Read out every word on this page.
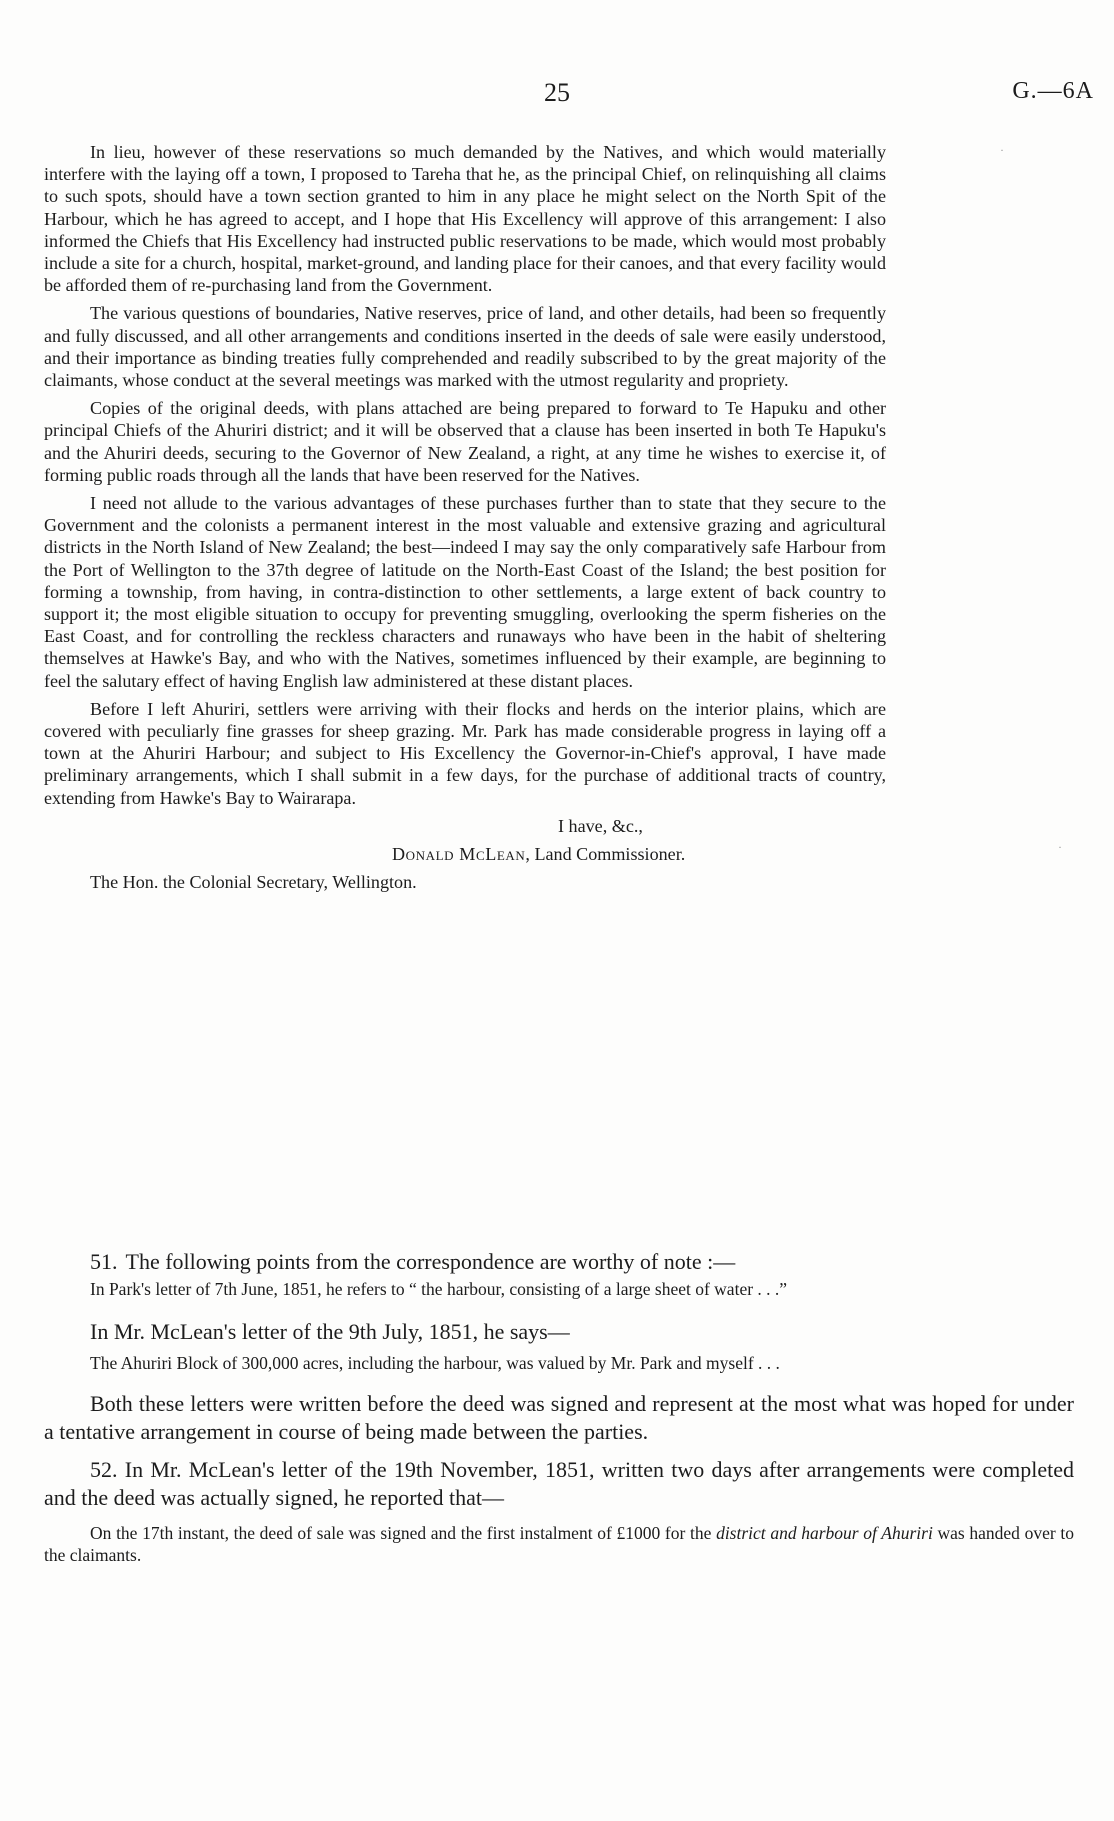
25	G.—6A
·
·

In lieu, however of these reservations so much demanded by the Natives, and which would materially interfere with the laying off a town, I proposed to Tareha that he, as the principal Chief, on relinquishing all claims to such spots, should have a town section granted to him in any place he might select on the North Spit of the Harbour, which he has agreed to accept, and I hope that His Excellency will approve of this arrangement: I also informed the Chiefs that His Excellency had instructed public reservations to be made, which would most probably include a site for a church, hospital, market-ground, and landing place for their canoes, and that every facility would be afforded them of re-purchasing land from the Government.

The various questions of boundaries, Native reserves, price of land, and other details, had been so frequently and fully discussed, and all other arrangements and conditions inserted in the deeds of sale were easily understood, and their importance as binding treaties fully comprehended and readily subscribed to by the great majority of the claimants, whose conduct at the several meetings was marked with the utmost regularity and propriety.

Copies of the original deeds, with plans attached are being prepared to forward to Te Hapuku and other principal Chiefs of the Ahuriri district; and it will be observed that a clause has been inserted in both Te Hapuku's and the Ahuriri deeds, securing to the Governor of New Zealand, a right, at any time he wishes to exercise it, of forming public roads through all the lands that have been reserved for the Natives.

I need not allude to the various advantages of these purchases further than to state that they secure to the Government and the colonists a permanent interest in the most valuable and extensive grazing and agricultural districts in the North Island of New Zealand; the best—indeed I may say the only comparatively safe Harbour from the Port of Wellington to the 37th degree of latitude on the North-East Coast of the Island; the best position for forming a township, from having, in contra-distinction to other settlements, a large extent of back country to support it; the most eligible situation to occupy for preventing smuggling, overlooking the sperm fisheries on the East Coast, and for controlling the reckless characters and runaways who have been in the habit of sheltering themselves at Hawke's Bay, and who with the Natives, sometimes influenced by their example, are beginning to feel the salutary effect of having English law administered at these distant places.

Before I left Ahuriri, settlers were arriving with their flocks and herds on the interior plains, which are covered with peculiarly fine grasses for sheep grazing. Mr. Park has made considerable progress in laying off a town at the Ahuriri Harbour; and subject to His Excellency the Governor-in-Chief's approval, I have made preliminary arrangements, which I shall submit in a few days, for the purchase of additional tracts of country, extending from Hawke's Bay to Wairarapa.

I have, &c.,
Donald McLean, Land Commissioner.
The Hon. the Colonial Secretary, Wellington.

51. The following points from the correspondence are worthy of note :—

In Park's letter of 7th June, 1851, he refers to “ the harbour, consisting of a large sheet of water . . .”

In Mr. McLean's letter of the 9th July, 1851, he says—

The Ahuriri Block of 300,000 acres, including the harbour, was valued by Mr. Park and myself . . .

Both these letters were written before the deed was signed and represent at the most what was hoped for under a tentative arrangement in course of being made between the parties.

52. In Mr. McLean's letter of the 19th November, 1851, written two days after arrangements were completed and the deed was actually signed, he reported that—

On the 17th instant, the deed of sale was signed and the first instalment of £1000 for the district and harbour of Ahuriri was handed over to the claimants.
